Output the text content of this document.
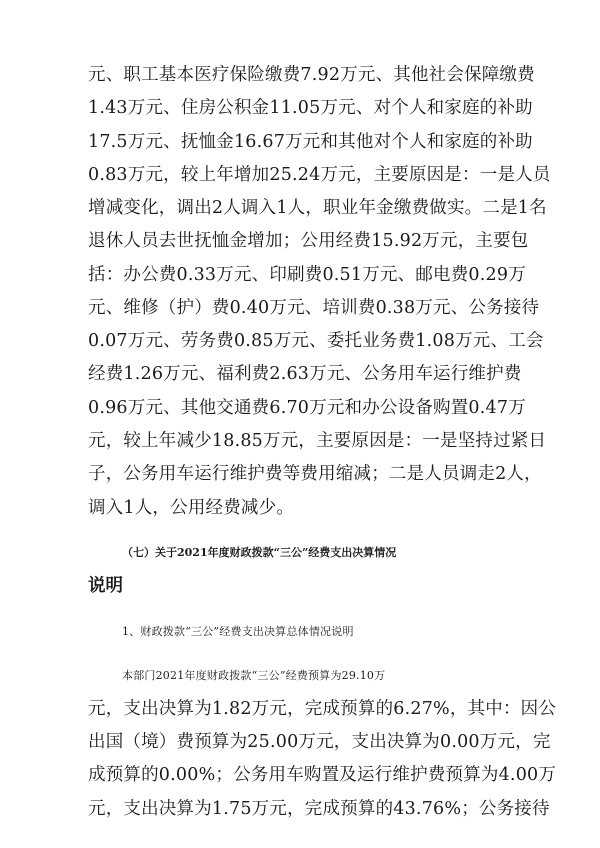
元、职工基本医疗保险缴费7.92万元、其他社会保障缴费
1.43万元、住房公积金11.05万元、对个人和家庭的补助
17.5万元、抚恤金16.67万元和其他对个人和家庭的补助
0.83万元，较上年增加25.24万元，主要原因是：一是人员
增减变化，调出2人调入1人，职业年金缴费做实。二是1名
退休人员去世抚恤金增加；公用经费15.92万元，主要包
括：办公费0.33万元、印刷费0.51万元、邮电费0.29万
元、维修（护）费0.40万元、培训费0.38万元、公务接待
0.07万元、劳务费0.85万元、委托业务费1.08万元、工会
经费1.26万元、福利费2.63万元、公务用车运行维护费
0.96万元、其他交通费6.70万元和办公设备购置0.47万
元，较上年减少18.85万元，主要原因是：一是坚持过紧日
子，公务用车运行维护费等费用缩减；二是人员调走2人，
调入1人，公用经费减少。
（七）关于2021年度财政拨款“三公”经费支出决算情况
说明
1、财政拨款“三公”经费支出决算总体情况说明
本部门2021年度财政拨款“三公”经费预算为29.10万
元，支出决算为1.82万元，完成预算的6.27%，其中：因公
出国（境）费预算为25.00万元，支出决算为0.00万元，完
成预算的0.00%；公务用车购置及运行维护费预算为4.00万
元，支出决算为1.75万元，完成预算的43.76%；公务接待
